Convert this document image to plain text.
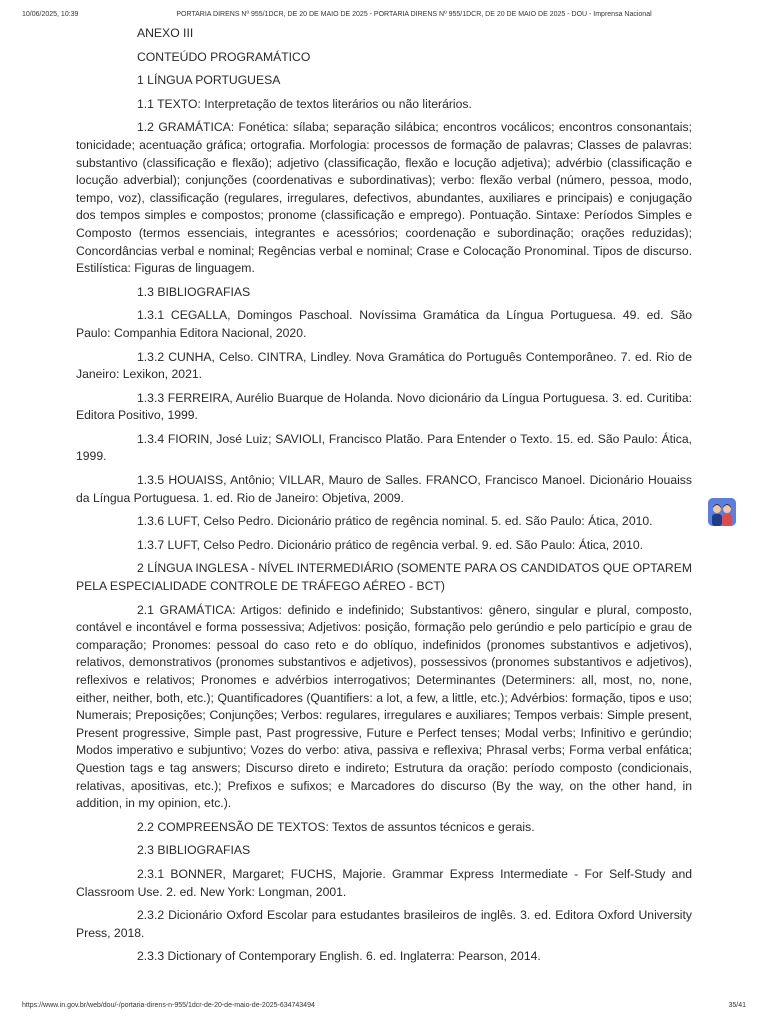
10/06/2025, 10:39	PORTARIA DIRENS Nº 955/1DCR, DE 20 DE MAIO DE 2025 - PORTARIA DIRENS Nº 955/1DCR, DE 20 DE MAIO DE 2025 - DOU - Imprensa Nacional

ANEXO III

CONTEÚDO PROGRAMÁTICO

1 LÍNGUA PORTUGUESA

1.1 TEXTO: Interpretação de textos literários ou não literários.

1.2 GRAMÁTICA: Fonética: sílaba; separação silábica; encontros vocálicos; encontros consonantais; tonicidade; acentuação gráfica; ortografia. Morfologia: processos de formação de palavras; Classes de palavras: substantivo (classificação e flexão); adjetivo (classificação, flexão e locução adjetiva); advérbio (classificação e locução adverbial); conjunções (coordenativas e subordinativas); verbo: flexão verbal (número, pessoa, modo, tempo, voz), classificação (regulares, irregulares, defectivos, abundantes, auxiliares e principais) e conjugação dos tempos simples e compostos; pronome (classificação e emprego). Pontuação. Sintaxe: Períodos Simples e Composto (termos essenciais, integrantes e acessórios; coordenação e subordinação; orações reduzidas); Concordâncias verbal e nominal; Regências verbal e nominal; Crase e Colocação Pronominal. Tipos de discurso. Estilística: Figuras de linguagem.

1.3 BIBLIOGRAFIAS

1.3.1 CEGALLA, Domingos Paschoal. Novíssima Gramática da Língua Portuguesa. 49. ed. São Paulo: Companhia Editora Nacional, 2020.

1.3.2 CUNHA, Celso. CINTRA, Lindley. Nova Gramática do Português Contemporâneo. 7. ed. Rio de Janeiro: Lexikon, 2021.

1.3.3 FERREIRA, Aurélio Buarque de Holanda. Novo dicionário da Língua Portuguesa. 3. ed. Curitiba: Editora Positivo, 1999.

1.3.4 FIORIN, José Luiz; SAVIOLI, Francisco Platão. Para Entender o Texto. 15. ed. São Paulo: Ática, 1999.

1.3.5 HOUAISS, Antônio; VILLAR, Mauro de Salles. FRANCO, Francisco Manoel. Dicionário Houaiss da Língua Portuguesa. 1. ed. Rio de Janeiro: Objetiva, 2009.

1.3.6 LUFT, Celso Pedro. Dicionário prático de regência nominal. 5. ed. São Paulo: Ática, 2010.

1.3.7 LUFT, Celso Pedro. Dicionário prático de regência verbal. 9. ed. São Paulo: Ática, 2010.

2 LÍNGUA INGLESA - NÍVEL INTERMEDIÁRIO (SOMENTE PARA OS CANDIDATOS QUE OPTAREM PELA ESPECIALIDADE CONTROLE DE TRÁFEGO AÉREO - BCT)

2.1 GRAMÁTICA: Artigos: definido e indefinido; Substantivos: gênero, singular e plural, composto, contável e incontável e forma possessiva; Adjetivos: posição, formação pelo gerúndio e pelo particípio e grau de comparação; Pronomes: pessoal do caso reto e do oblíquo, indefinidos (pronomes substantivos e adjetivos), relativos, demonstrativos (pronomes substantivos e adjetivos), possessivos (pronomes substantivos e adjetivos), reflexivos e relativos; Pronomes e advérbios interrogativos; Determinantes (Determiners: all, most, no, none, either, neither, both, etc.); Quantificadores (Quantifiers: a lot, a few, a little, etc.); Advérbios: formação, tipos e uso; Numerais; Preposições; Conjunções; Verbos: regulares, irregulares e auxiliares; Tempos verbais: Simple present, Present progressive, Simple past, Past progressive, Future e Perfect tenses; Modal verbs; Infinitivo e gerúndio; Modos imperativo e subjuntivo; Vozes do verbo: ativa, passiva e reflexiva; Phrasal verbs; Forma verbal enfática; Question tags e tag answers; Discurso direto e indireto; Estrutura da oração: período composto (condicionais, relativas, apositivas, etc.); Prefixos e sufixos; e Marcadores do discurso (By the way, on the other hand, in addition, in my opinion, etc.).

2.2 COMPREENSÃO DE TEXTOS: Textos de assuntos técnicos e gerais.

2.3 BIBLIOGRAFIAS

2.3.1 BONNER, Margaret; FUCHS, Majorie. Grammar Express Intermediate - For Self-Study and Classroom Use. 2. ed. New York: Longman, 2001.

2.3.2 Dicionário Oxford Escolar para estudantes brasileiros de inglês. 3. ed. Editora Oxford University Press, 2018.

2.3.3 Dictionary of Contemporary English. 6. ed. Inglaterra: Pearson, 2014.

https://www.in.gov.br/web/dou/-/portaria-direns-n-955/1dcr-de-20-de-maio-de-2025-634743494	35/41
